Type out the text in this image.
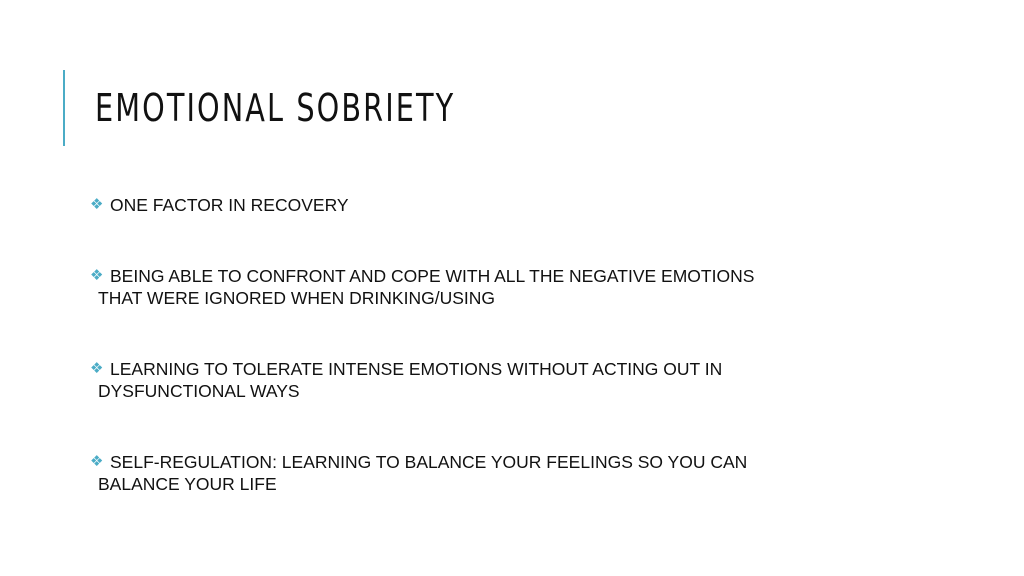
EMOTIONAL SOBRIETY
❖ ONE FACTOR IN RECOVERY
❖ BEING ABLE TO CONFRONT AND COPE WITH ALL THE NEGATIVE EMOTIONS
THAT WERE IGNORED WHEN DRINKING/USING
❖ LEARNING TO TOLERATE INTENSE EMOTIONS WITHOUT ACTING OUT IN
DYSFUNCTIONAL WAYS
❖ SELF-REGULATION: LEARNING TO BALANCE YOUR FEELINGS SO YOU CAN
BALANCE YOUR LIFE
